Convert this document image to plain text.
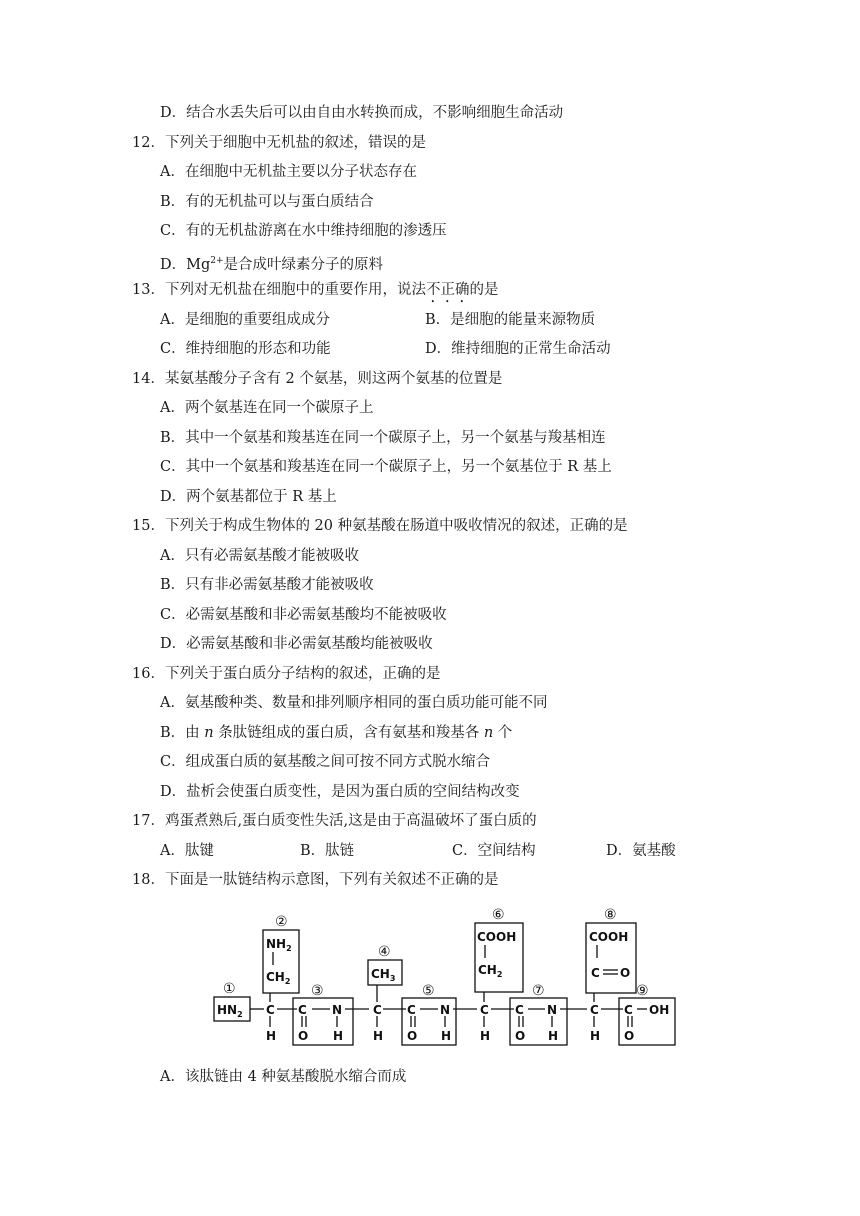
D．结合水丢失后可以由自由水转换而成，不影响细胞生命活动
12．下列关于细胞中无机盐的叙述，错误的是
A．在细胞中无机盐主要以分子状态存在
B．有的无机盐可以与蛋白质结合
C．有的无机盐游离在水中维持细胞的渗透压
D．$Mg^{2+}$是合成叶绿素分子的原料
13．下列对无机盐在细胞中的重要作用，说法不正确的是
A．是细胞的重要组成成分	B．是细胞的能量来源物质
C．维持细胞的形态和功能	D．维持细胞的正常生命活动
14．某氨基酸分子含有 2 个氨基，则这两个氨基的位置是
A．两个氨基连在同一个碳原子上
B．其中一个氨基和羧基连在同一个碳原子上，另一个氨基与羧基相连
C．其中一个氨基和羧基连在同一个碳原子上，另一个氨基位于 R 基上
D．两个氨基都位于 R 基上
15．下列关于构成生物体的 20 种氨基酸在肠道中吸收情况的叙述，正确的是
A．只有必需氨基酸才能被吸收
B．只有非必需氨基酸才能被吸收
C．必需氨基酸和非必需氨基酸均不能被吸收
D．必需氨基酸和非必需氨基酸均能被吸收
16．下列关于蛋白质分子结构的叙述，正确的是
A．氨基酸种类、数量和排列顺序相同的蛋白质功能可能不同
B．由 n 条肽链组成的蛋白质，含有氨基和羧基各 n 个
C．组成蛋白质的氨基酸之间可按不同方式脱水缩合
D．盐析会使蛋白质变性，是因为蛋白质的空间结构改变
17．鸡蛋煮熟后,蛋白质变性失活,这是由于高温破坏了蛋白质的
A．肽键	B．肽链	C．空间结构	D．氨基酸
18．下面是一肽链结构示意图，下列有关叙述不正确的是
①
②
③
④
⑤
⑥
⑦
⑧
⑨
$HN_2$
$NH_2$
$CH_2$
C
H
C
O
N
H
$CH_3$
C
H
C
O
N
H
COOH
$CH_2$
C
H
C
O
N
H
COOH
C O
C
H
C
O
OH
A．该肽链由 4 种氨基酸脱水缩合而成
